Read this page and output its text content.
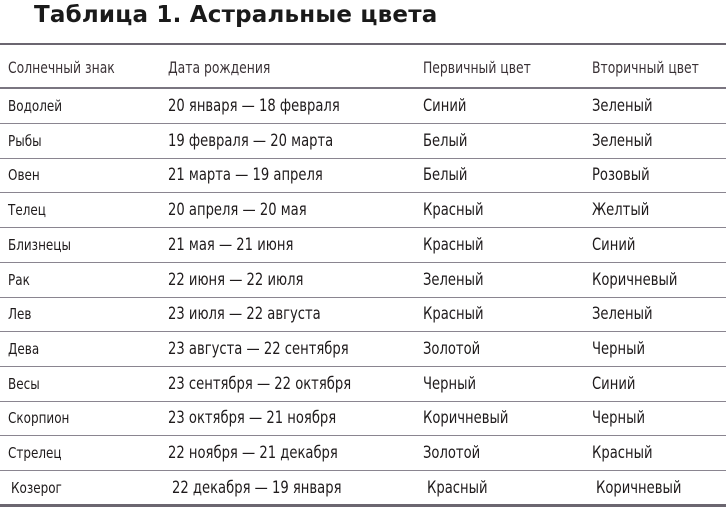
Таблица 1. Астральные цвета
Солнечный знак	Дата рождения	Первичный цвет	Вторичный цвет
Водолей	20 января — 18 февраля	Синий	Зеленый
Рыбы	19 февраля — 20 марта	Белый	Зеленый
Овен	21 марта — 19 апреля	Белый	Розовый
Телец	20 апреля — 20 мая	Красный	Желтый
Близнецы	21 мая — 21 июня	Красный	Синий
Рак	22 июня — 22 июля	Зеленый	Коричневый
Лев	23 июля — 22 августа	Красный	Зеленый
Дева	23 августа — 22 сентября	Золотой	Черный
Весы	23 сентября — 22 октября	Черный	Синий
Скорпион	23 октября — 21 ноября	Коричневый	Черный
Стрелец	22 ноября — 21 декабря	Золотой	Красный
Козерог	22 декабря — 19 января	Красный	Коричневый
